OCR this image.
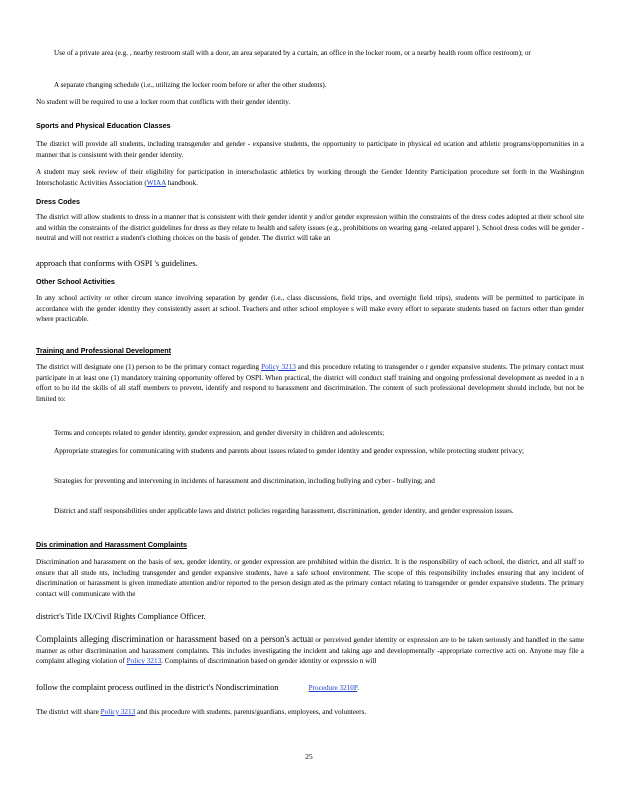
Use of a private area (e.g. , nearby restroom stall with a door, an area separated by a curtain, an office in the locker room, or a nearby health room office restroom); or
A separate changing schedule (i.e., utilizing the locker room before or after the other students).
No student will be required to use a locker room that conflicts with their gender identity.
Sports and Physical Education Classes
The district will provide all students, including transgender and gender - expansive students, the opportunity to participate in physical ed ucation and athletic programs/opportunities in a manner that is consistent with their gender identity.
A student may seek review of their eligibility for participation in interscholastic athletics by working through the Gender Identity Participation procedure set forth in the Washington Interscholastic Activities Association (WIAA handbook.
Dress Codes
The district will allow students to dress in a manner that is consistent with their gender identit y and/or gender expression within the constraints of the dress codes adopted at their school site and within the constraints of the district guidelines for dress as they relate to health and safety issues (e.g., prohibitions on wearing gang -related apparel ). School dress codes will be gender -neutral and will not restrict a student's clothing choices on the basis of gender. The district will take an
approach that conforms with OSPI 's guidelines.
Other School Activities
In any school activity or other circum stance involving separation by gender (i.e., class discussions, field trips, and overnight field trips), students will be permitted to participate in accordance with the gender identity they consistently assert at school. Teachers and other school employee s will make every effort to separate students based on factors other than gender where practicable.
Training and Professional Development
The district will designate one (1) person to be the primary contact regarding Policy 3213 and this procedure relating to transgender o r gender expansive students. The primary contact must participate in at least one (1) mandatory training opportunity offered by OSPI. When practical, the district will conduct staff training and ongoing professional development as needed in a n effort to bu ild the skills of all staff members to prevent, identify and respond to harassment and discrimination. The content of such professional development should include, but not be limited to:
Terms and concepts related to gender identity, gender expression, and gender diversity in children and adolescents;
Appropriate strategies for communicating with students and parents about issues related to gender identity and gender expression, while protecting student privacy;
Strategies for preventing and intervening in incidents of harassment and discrimination, including bullying and cyber - bullying; and
District and staff responsibilities under applicable laws and district policies regarding harassment, discrimination, gender identity, and gender expression issues.
Dis crimination and Harassment Complaints
Discrimination and harassment on the basis of sex, gender identity, or gender expression are prohibited within the district. It is the responsibility of each school, the district, and all staff to ensure that all stude nts, including transgender and gender expansive students, have a safe school environment. The scope of this responsibility includes ensuring that any incident of discrimination or harassment is given immediate attention and/or reported to the person design ated as the primary contact relating to transgender or gender expansive students. The primary contact will communicate with the
district's Title IX/Civil Rights Compliance Officer.
Complaints alleging discrimination or harassment based on a person's actual or perceived gender identity or expression are to be taken seriously and handled in the same manner as other discrimination and harassment complaints. This includes investigating the incident and taking age and developmentally -appropriate corrective acti on. Anyone may file a complaint alleging violation of Policy 3213. Complaints of discrimination based on gender identity or expressio n will
follow the complaint process outlined in the district's Nondiscrimination	Procedure 3210P.
The district will share Policy 3213 and this procedure with students, parents/guardians, employees, and volunteers.
25
